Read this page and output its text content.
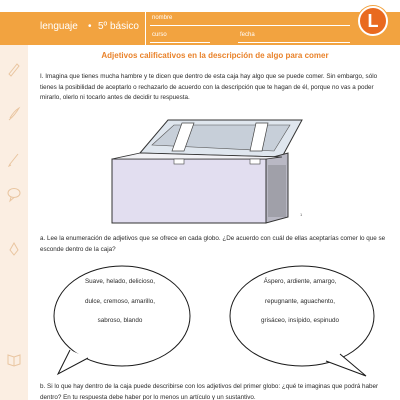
lenguaje • 5º básico
nombre
curso	fecha
L
Adjetivos calificativos en la descripción de algo para comer

I. Imagina que tienes mucha hambre y te dicen que dentro de esta caja hay algo que se puede comer. Sin embargo, sólo tienes la posibilidad de aceptarlo o rechazarlo de acuerdo con la descripción que te hagan de él, porque no vas a poder mirarlo, olerlo ni tocarlo antes de decidir tu respuesta.

1

a. Lee la enumeración de adjetivos que se ofrece en cada globo. ¿De acuerdo con cuál de ellas aceptarías comer lo que se esconde dentro de la caja?

Suave, helado, delicioso,
dulce, cremoso, amarillo,
sabroso, blando
Áspero, ardiente, amargo,
repugnante, aguachento,
grisáceo, insípido, espinudo

b. Si lo que hay dentro de la caja puede describirse con los adjetivos del primer globo: ¿qué te imaginas que podrá haber dentro? En tu respuesta debe haber por lo menos un artículo y un sustantivo.
